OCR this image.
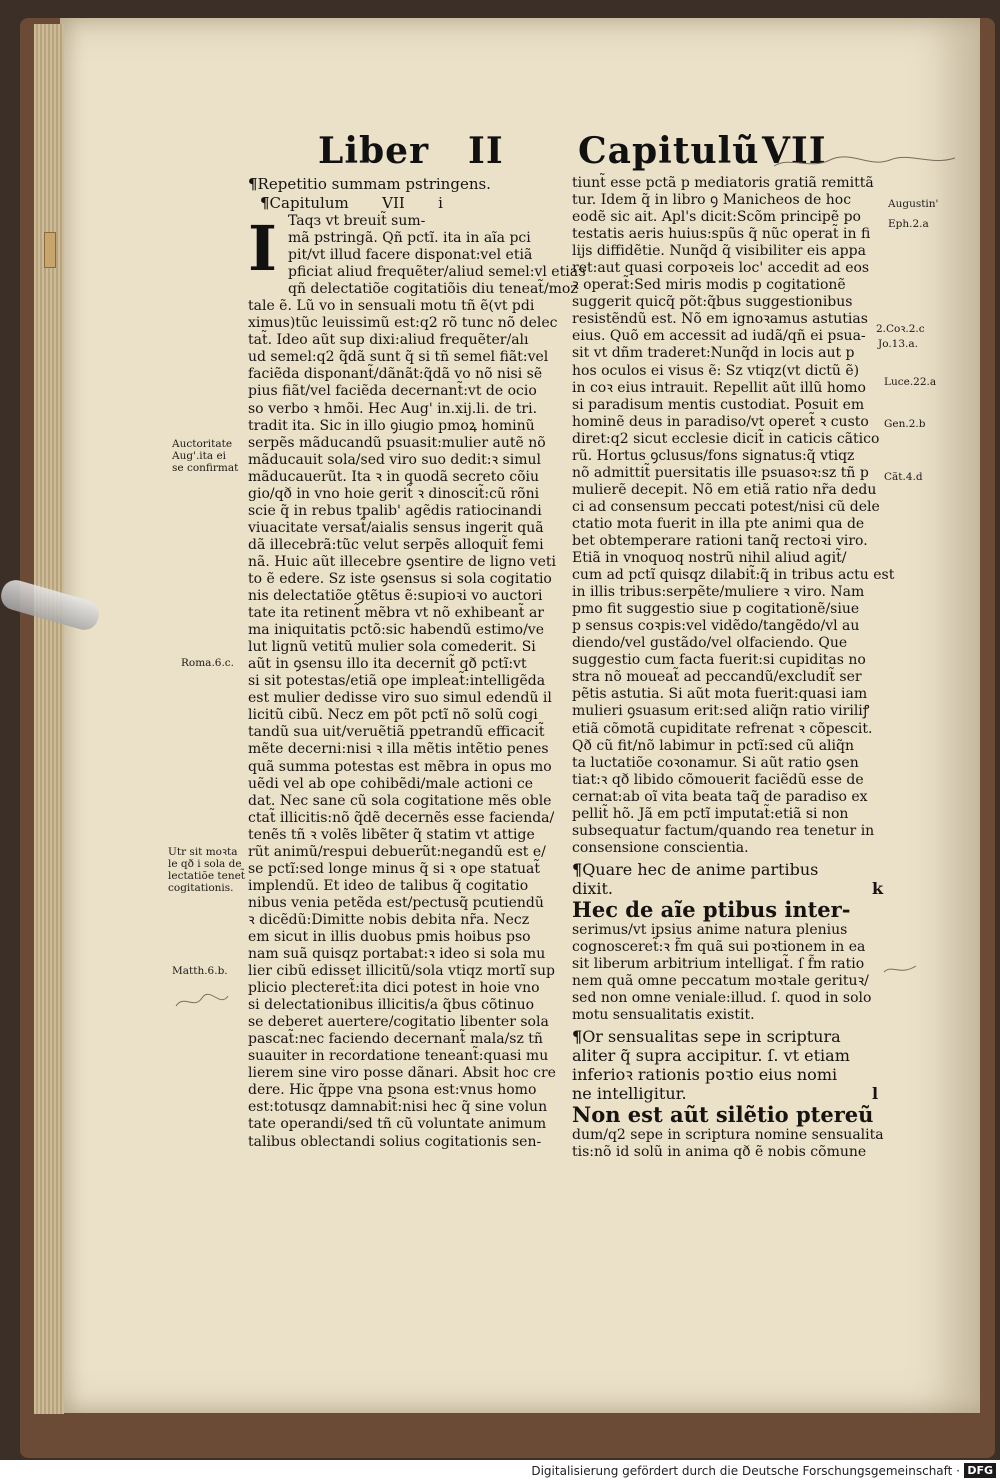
Liber II Capitulũ VII
¶Repetitio summam pstringens.
¶Capitulum       VII       i
I Taqз vt breuit̃ sum-
mã pstringã. Qñ pctĩ. ita in aĩa pci
pit/vt illud facere disponat:vel etiã
pficiat aliud frequẽter/aliud semel:vl etiaз
qñ delectatiõe cogitatiõis diu teneat̃/moz
tale ẽ. Lũ vo in sensuali motu tñ ẽ(vt pdi
ximus)tũc leuissimũ est:q2 rõ tunc nõ delec
tat̃. Ideo aũt sup dixi:aliud frequẽter/alı
ud semel:q2 q̃dã sunt q̃ si tñ semel fiãt:vel
faciẽda disponant̃/dãnãt:q̃dã vo nõ nisi sẽ
pius fiãt/vel faciẽda decernant̃:vt de ocio
so verbo ꝛ hmõi. Hec Aug' in.xij.li. de tri.
tradit ita. Sic in illo ꝯiugio pmoꝝ hominũ
serpẽs mãducandũ psuasit:mulier autẽ nõ
mãducauit sola/sed viro suo dedit:ꝛ simul
mãducauerũt. Ita ꝛ in quodã secreto cõiu
gio/qð in vno hoie gerit̃ ꝛ dinoscit̃:cũ rõni
scie q̃ in rebus tpalib' agẽdis ratiocinandi
viuacitate versat̃/aialis sensus ingerit quã
dã illecebrã:tũc velut serpẽs alloquit̃ femi
nã. Huic aũt illecebre ꝯsentire de ligno veti
to ẽ edere. Sz iste ꝯsensus si sola cogitatio
nis delectatiõe ꝯtẽtus ẽ:supioꝛi vo auctori
tate ita retinent̃ mẽbra vt nõ exhibeant̃ ar
ma iniquitatis pctõ:sic habendũ estimo/ve
lut lignũ vetitũ mulier sola comederit. Si
aũt in ꝯsensu illo ita decernit̃ qð pctĩ:vt
si sit potestas/etiã ope impleat̃:intelligẽda
est mulier dedisse viro suo simul edendũ il
licitũ cibũ. Necz em põt pctĩ nõ solũ cogi
tandũ sua uit/veruẽtiã ppetrandũ efficacit̃
mẽte decerni:nisi ꝛ illa mẽtis intẽtio penes
quã summa potestas est mẽbra in opus mo
uẽdi vel ab ope cohibẽdi/male actioni ce
dat. Nec sane cũ sola cogitatione mẽs oble
ctat̃ illicitis:nõ q̃dẽ decernẽs esse facienda/
tenẽs tñ ꝛ volẽs libẽter q̃ statim vt attige
rũt animũ/respui debuerũt:negandũ est e/
se pctĩ:sed longe minus q̃ si ꝛ ope statuat̃
implendũ. Et ideo de talibus q̃ cogitatio
nibus venia petẽda est/pectusq̃ pcutiendũ
ꝛ dicẽdũ:Dimitte nobis debita nr̃a. Necz
em sicut in illis duobus pmis hoibus pso
nam suã quisqz portabat:ꝛ ideo si sola mu
lier cibũ edisset illicitũ/sola vtiqz mortĩ sup
plicio plecteret̃:ita dici potest in hoie vno
si delectationibus illicitis/a q̃bus cõtinuo
se deberet auertere/cogitatio libenter sola
pascat̃:nec faciendo decernant̃ mala/sz tñ
suauiter in recordatione teneant̃:quasi mu
lierem sine viro posse dãnari. Absit hoc cre
dere. Hic q̃ppe vna psona est:vnus homo
est:totusqz damnabit̃:nisi hec q̃ sine volun
tate operandi/sed tñ cũ voluntate animum
talibus oblectandi solius cogitationis sen-
tiunt̃ esse pctã p mediatoris gratiã remittã
tur. Idem q̃ in libro ꝯ Manicheos de hoc
eodẽ sic ait. Apl's dicit:Scõm principẽ po
testatis aeris huius:spũs q̃ nũc operat̃ in fi
lijs diffidẽtie. Nunq̃d q̃ visibiliter eis appa
ret:aut quasi corpoꝛeis loc' accedit ad eos
ꝛ operat̃:Sed miris modis p cogitationẽ
suggerit quicq̃ põt:q̃bus suggestionibus
resistẽndũ est. Nõ em ignoꝛamus astutias
eius. Quõ em accessit ad iudã/qñ ei psua-
sit vt dñm traderet:Nunq̃d in locis aut p
hos oculos ei visus ẽ: Sz vtiqz(vt dictũ ẽ)
in coꝛ eius intrauit. Repellit aũt illũ homo
si paradisum mentis custodiat. Posuit em
hominẽ deus in paradiso/vt operet̃ ꝛ custo
diret:q2 sicut ecclesie dicit̃ in caticis cãtico
rũ. Hortus ꝯclusus/fons signatus:q̃ vtiqz
nõ admittit̃ puersitatis ille psuasoꝛ:sz tñ p
mulierẽ decepit. Nõ em etiã ratio nr̃a dedu
ci ad consensum peccati potest/nisi cũ dele
ctatio mota fuerit in illa pte animi qua de
bet obtemperare rationi tanq̃ rectoꝛi viro.
Etiã in vnoquoq nostrũ nihil aliud agit̃/
cum ad pctĩ quisqz dilabit̃:q̃ in tribus actu est
in illis tribus:serpẽte/muliere ꝛ viro. Nam
pmo fit suggestio siue p cogitationẽ/siue
p sensus coꝛpis:vel vidẽdo/tangẽdo/vl au
diendo/vel gustãdo/vel olfaciendo. Que
suggestio cum facta fuerit:si cupiditas no
stra nõ moueat̃ ad peccandũ/excludit̃ ser
pẽtis astutia. Si aũt mota fuerit:quasi iam
mulieri ꝯsuasum erit:sed aliq̃n ratio viriliꝭ
etiã cõmotã cupiditate refrenat ꝛ cõpescit.
Qð cũ fit/nõ labimur in pctĩ:sed cũ aliq̃n
ta luctatiõe coꝛonamur. Si aũt ratio ꝯsen
tiat:ꝛ qð libido cõmouerit faciẽdũ esse de
cernat:ab oĩ vita beata taq̃ de paradiso ex
pellit̃ hõ. Jã em pctĩ imputat̃:etiã si non
subsequatur factum/quando rea tenetur in
consensione conscientia.
¶Quare hec de anime partibus
dixit.	k
Hec de aĩe ptibus inter-
serimus/vt ipsius anime natura plenius
cognosceret̃:ꝛ f̃m quã sui poꝛtionem in ea
sit liberum arbitrium intelligat̃. ſ f̃m ratio
nem quã omne peccatum moꝛtale gerituꝛ/
sed non omne veniale:illud. ſ. quod in solo
motu sensualitatis existit.
¶Or sensualitas sepe in scriptura
aliter q̃ supra accipitur. ſ. vt etiam
inferioꝛ rationis poꝛtio eius nomi
ne intelligitur.	l
Non est aũt silẽtio ptereũ
dum/q2 sepe in scriptura nomine sensualita
tis:nõ id solũ in anima qð ẽ nobis cõmune
Auctoritate
Aug'.ita ei
se confirmat
Roma.6.c.
Utr sit moꝛta
le qð i sola de
lectatiõe tenet̃
cogitationis.
Matth.6.b.
Augustin'
Eph.2.a
2.Coꝛ.2.c
Jo.13.a.
Luce.22.a
Gen.2.b
Cãt.4.d
Digitalisierung gefördert durch die Deutsche Forschungsgemeinschaft · DFG
